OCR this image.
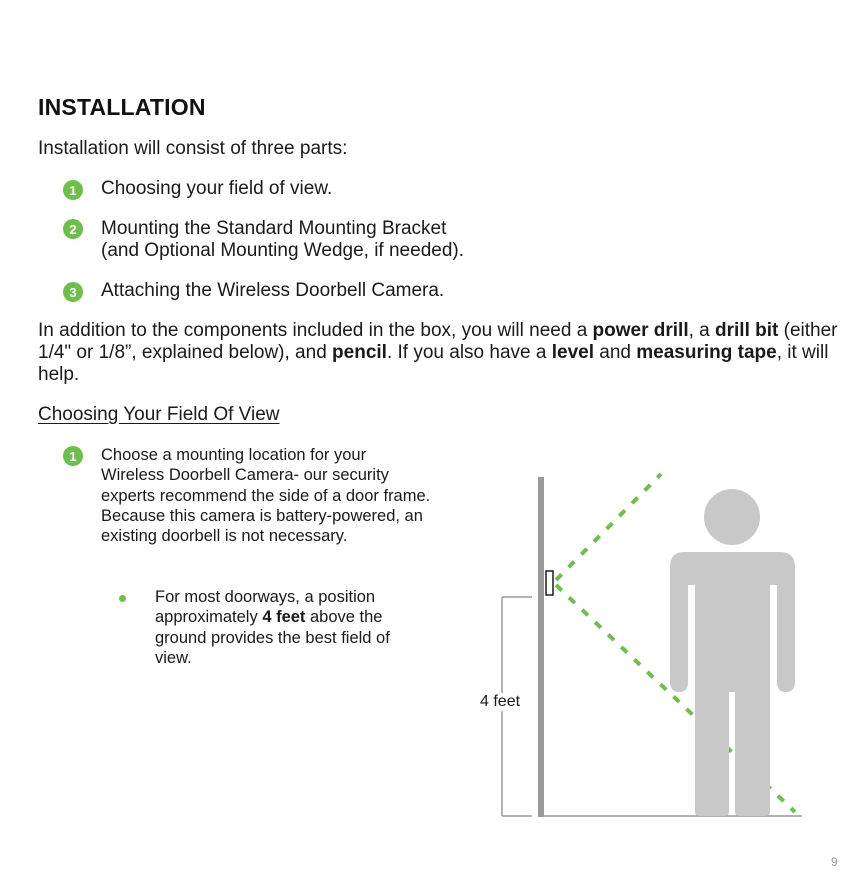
INSTALLATION
Installation will consist of three parts:
1	Choosing your field of view.
2	Mounting the Standard Mounting Bracket
(and Optional Mounting Wedge, if needed).
3	Attaching the Wireless Doorbell Camera.
In addition to the components included in the box, you will need a power drill, a drill bit (either 1/4" or 1/8”, explained below), and pencil. If you also have a level and measuring tape, it will help.
Choosing Your Field Of View
1	Choose a mounting location for your Wireless Doorbell Camera- our security experts recommend the side of a door frame. Because this camera is battery-powered, an existing doorbell is not necessary.
For most doorways, a position approximately 4 feet above the ground provides the best field of view.
4 feet
9
